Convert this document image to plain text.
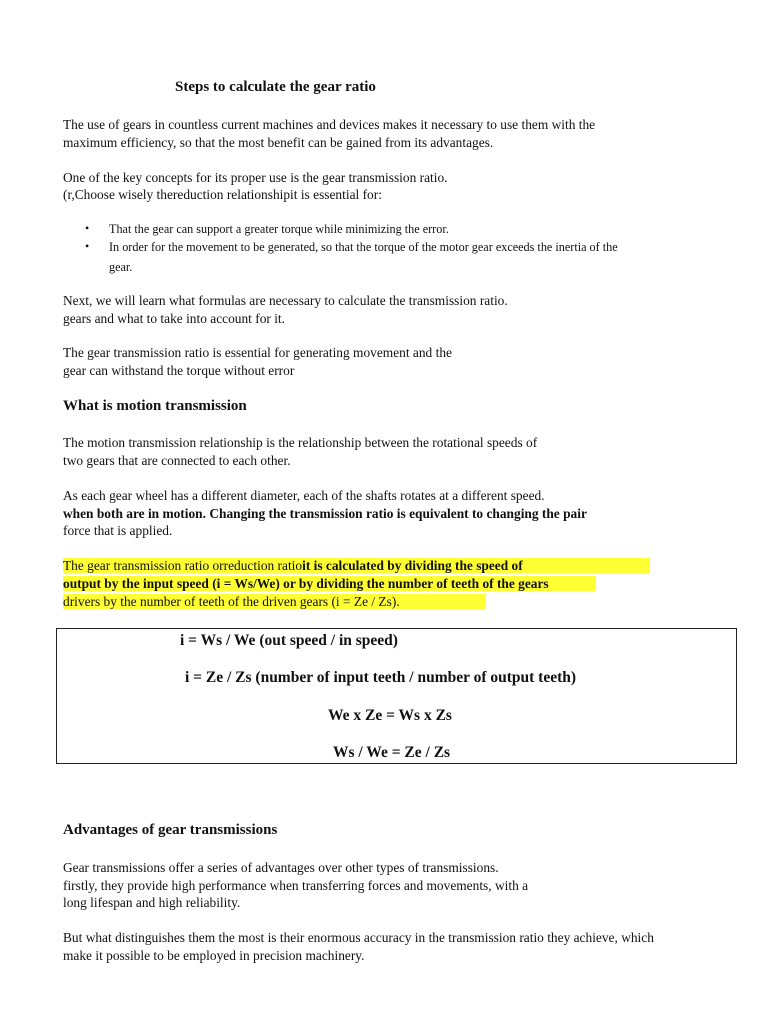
Steps to calculate the gear ratio

The use of gears in countless current machines and devices makes it necessary to use them with the

maximum efficiency, so that the most benefit can be gained from its advantages.

One of the key concepts for its proper use is the gear transmission ratio.

(r,Choose wisely thereduction relationshipit is essential for:

• That the gear can support a greater torque while minimizing the error.

• In order for the movement to be generated, so that the torque of the motor gear exceeds the inertia of the

gear.

Next, we will learn what formulas are necessary to calculate the transmission ratio.

gears and what to take into account for it.

The gear transmission ratio is essential for generating movement and the

gear can withstand the torque without error

What is motion transmission

The motion transmission relationship is the relationship between the rotational speeds of

two gears that are connected to each other.

As each gear wheel has a different diameter, each of the shafts rotates at a different speed.

when both are in motion. Changing the transmission ratio is equivalent to changing the pair

force that is applied.

The gear transmission ratio orreduction ratioit is calculated by dividing the speed of

output by the input speed (i = Ws/We) or by dividing the number of teeth of the gears

drivers by the number of teeth of the driven gears (i = Ze / Zs).

i = Ws / We (out speed / in speed)
i = Ze / Zs (number of input teeth / number of output teeth)
We x Ze = Ws x Zs
Ws / We = Ze / Zs
Advantages of gear transmissions

Gear transmissions offer a series of advantages over other types of transmissions.

firstly, they provide high performance when transferring forces and movements, with a

long lifespan and high reliability.

But what distinguishes them the most is their enormous accuracy in the transmission ratio they achieve, which

make it possible to be employed in precision machinery.
